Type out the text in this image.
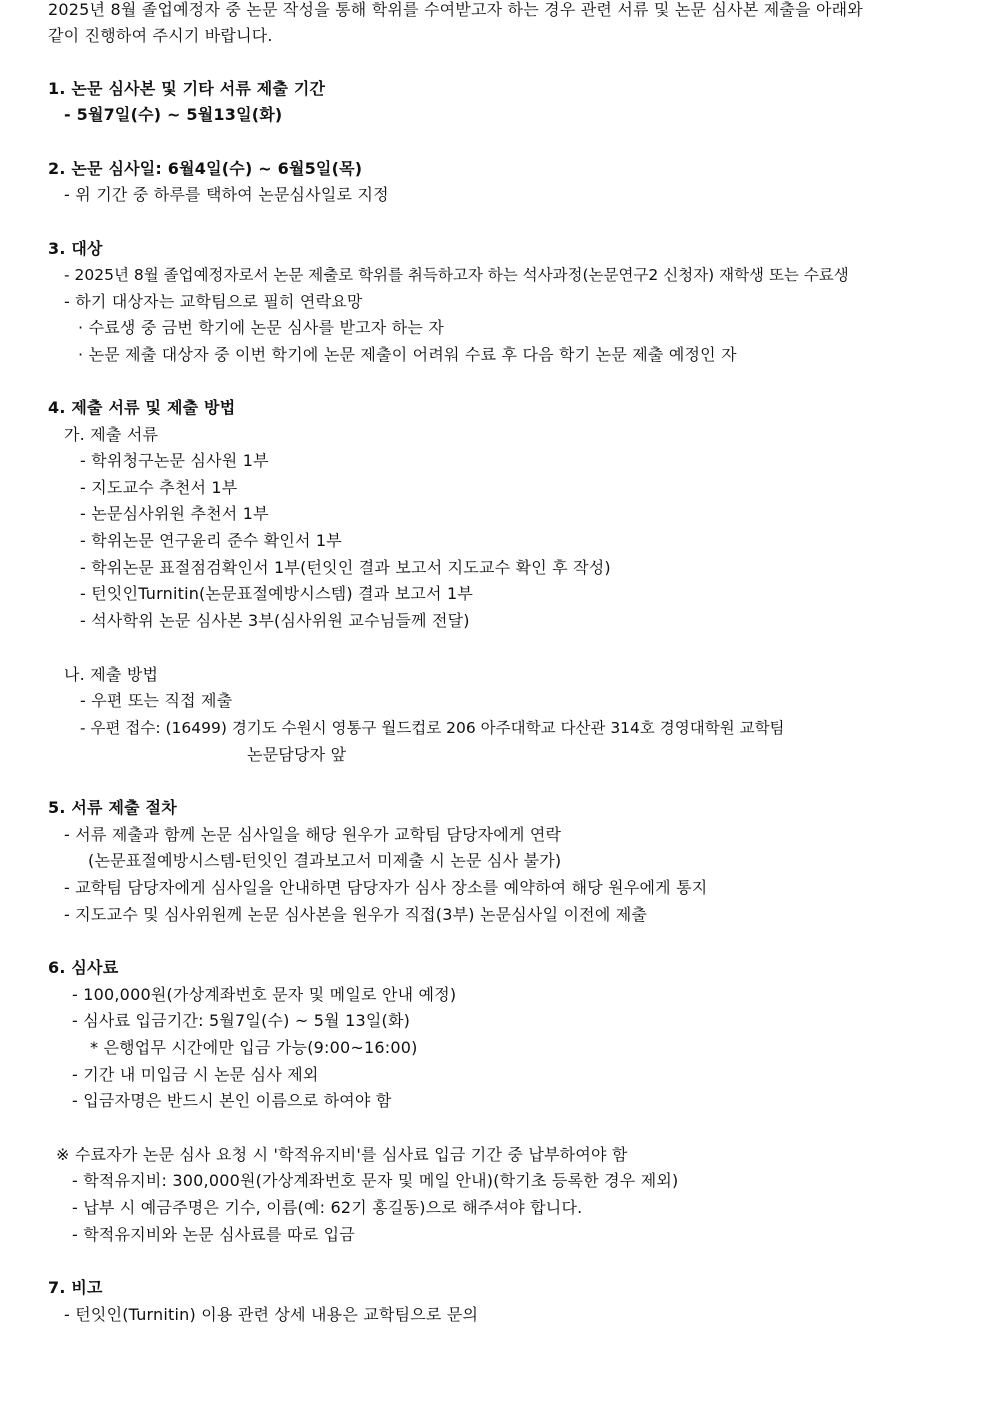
2025년 8월 졸업예정자 중 논문 작성을 통해 학위를 수여받고자 하는 경우 관련 서류 및 논문 심사본 제출을 아래와
같이 진행하여 주시기 바랍니다.
1. 논문 심사본 및 기타 서류 제출 기간
- 5월7일(수) ~ 5월13일(화)
2. 논문 심사일: 6월4일(수) ~ 6월5일(목)
- 위 기간 중 하루를 택하여 논문심사일로 지정
3. 대상
- 2025년 8월 졸업예정자로서 논문 제출로 학위를 취득하고자 하는 석사과정(논문연구2 신청자) 재학생 또는 수료생
- 하기 대상자는 교학팀으로 필히 연락요망
· 수료생 중 금번 학기에 논문 심사를 받고자 하는 자
· 논문 제출 대상자 중 이번 학기에 논문 제출이 어려워 수료 후 다음 학기 논문 제출 예정인 자
4. 제출 서류 및 제출 방법
가. 제출 서류
- 학위청구논문 심사원 1부
- 지도교수 추천서 1부
- 논문심사위원 추천서 1부
- 학위논문 연구윤리 준수 확인서 1부
- 학위논문 표절점검확인서 1부(턴잇인 결과 보고서 지도교수 확인 후 작성)
- 턴잇인Turnitin(논문표절예방시스템) 결과 보고서 1부
- 석사학위 논문 심사본 3부(심사위원 교수님들께 전달)
나. 제출 방법
- 우편 또는 직접 제출
- 우편 접수: (16499) 경기도 수원시 영통구 월드컵로 206 아주대학교 다산관 314호 경영대학원 교학팀
논문담당자 앞
5. 서류 제출 절차
- 서류 제출과 함께 논문 심사일을 해당 원우가 교학팀 담당자에게 연락
(논문표절예방시스템-턴잇인 결과보고서 미제출 시 논문 심사 불가)
- 교학팀 담당자에게 심사일을 안내하면 담당자가 심사 장소를 예약하여 해당 원우에게 통지
- 지도교수 및 심사위원께 논문 심사본을 원우가 직접(3부) 논문심사일 이전에 제출
6. 심사료
- 100,000원(가상계좌번호 문자 및 메일로 안내 예정)
- 심사료 입금기간: 5월7일(수) ~ 5월 13일(화)
* 은행업무 시간에만 입금 가능(9:00~16:00)
- 기간 내 미입금 시 논문 심사 제외
- 입금자명은 반드시 본인 이름으로 하여야 함
※ 수료자가 논문 심사 요청 시 '학적유지비'를 심사료 입금 기간 중 납부하여야 함
- 학적유지비: 300,000원(가상계좌번호 문자 및 메일 안내)(학기초 등록한 경우 제외)
- 납부 시 예금주명은 기수, 이름(예: 62기 홍길동)으로 해주셔야 합니다.
- 학적유지비와 논문 심사료를 따로 입금
7. 비고
- 턴잇인(Turnitin) 이용 관련 상세 내용은 교학팀으로 문의
